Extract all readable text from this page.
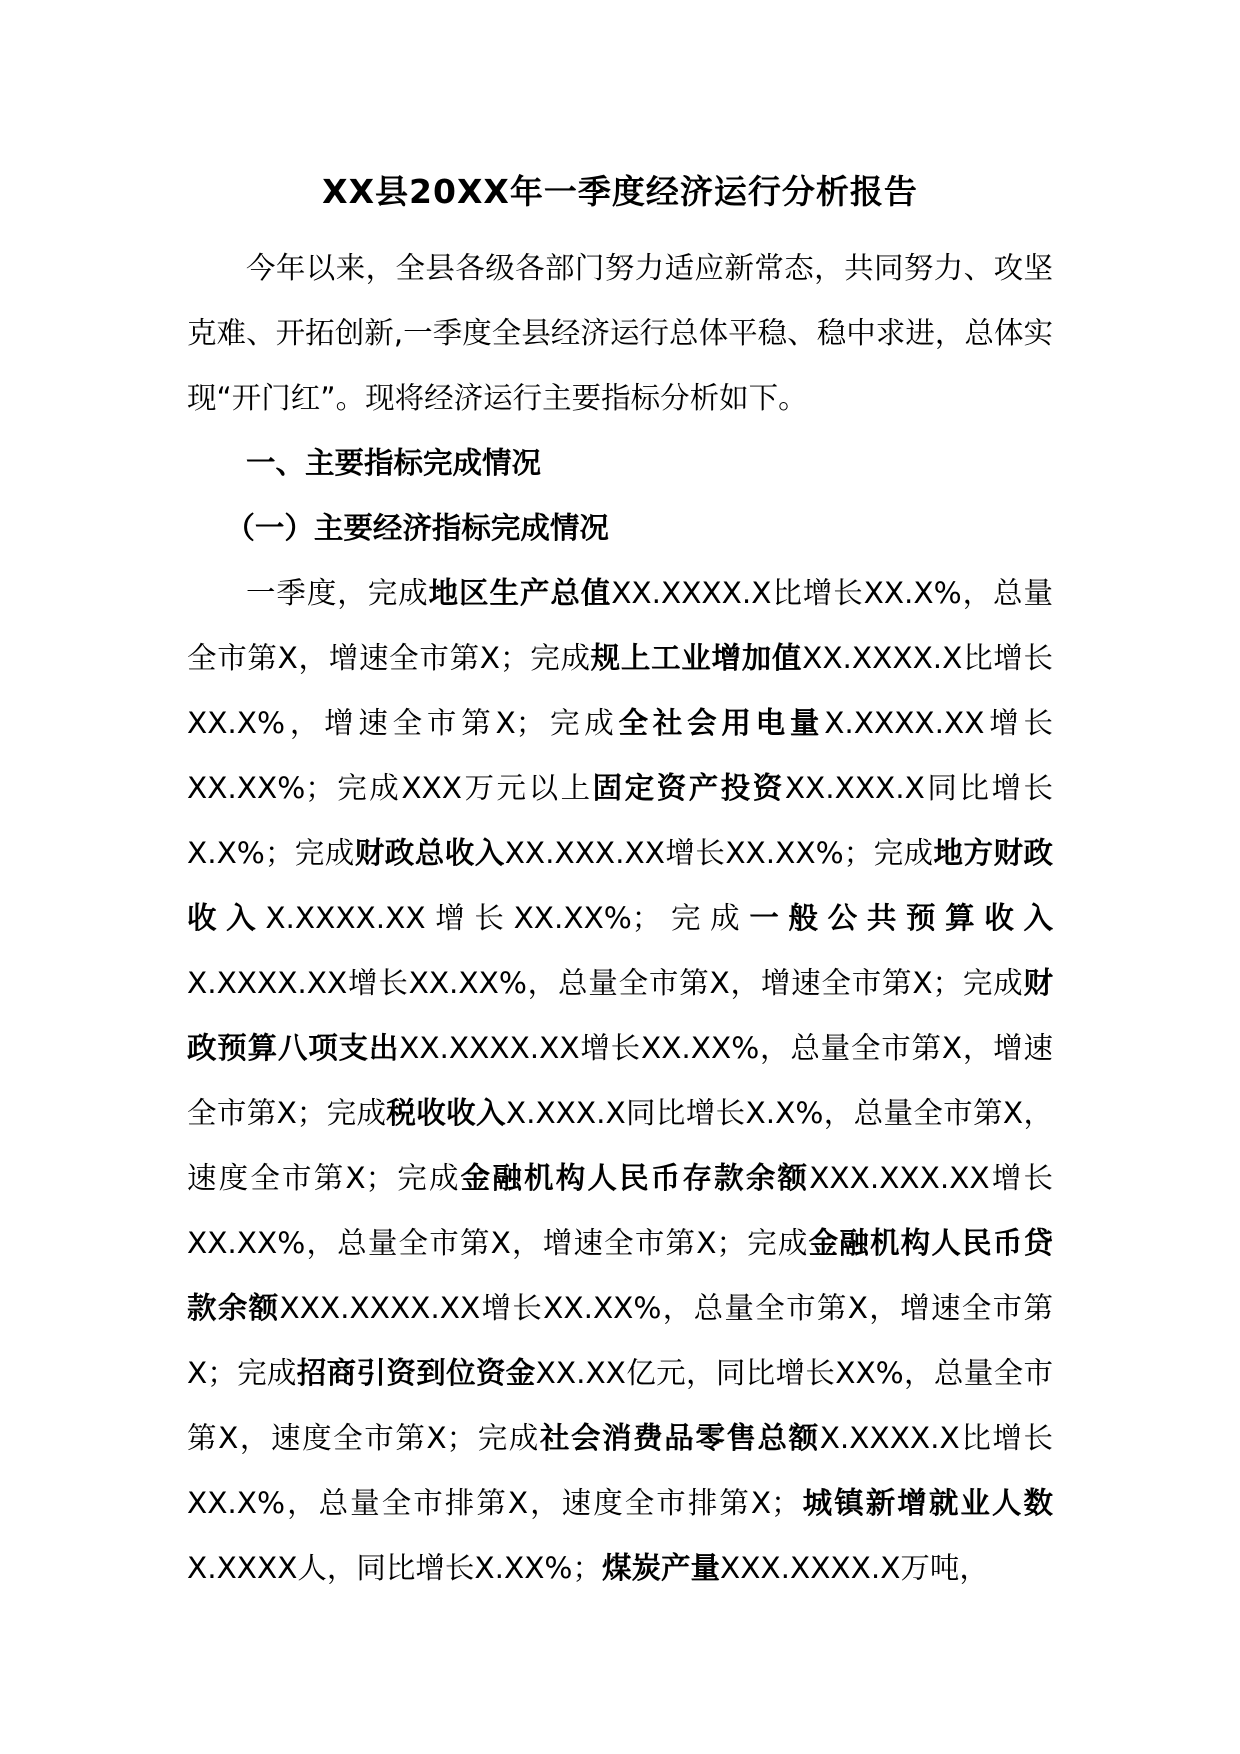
XX县20XX年一季度经济运行分析报告

今年以来，全县各级各部门努力适应新常态，共同努力、攻坚克难、开拓创新,一季度全县经济运行总体平稳、稳中求进，总体实现“开门红”。现将经济运行主要指标分析如下。

一、主要指标完成情况

（一）主要经济指标完成情况

一季度，完成地区生产总值XX.XXXX.X比增长XX.X%，总量全市第X，增速全市第X；完成规上工业增加值XX.XXXX.X比增长XX.X%，增速全市第X；完成全社会用电量X.XXXX.XX增长XX.XX%；完成XXX万元以上固定资产投资XX.XXX.X同比增长X.X%；完成财政总收入XX.XXX.XX增长XX.XX%；完成地方财政收入X.XXXX.XX增长XX.XX%；完成一般公共预算收入X.XXXX.XX增长XX.XX%，总量全市第X，增速全市第X；完成财政预算八项支出XX.XXXX.XX增长XX.XX%，总量全市第X，增速全市第X；完成税收收入X.XXX.X同比增长X.X%，总量全市第X，速度全市第X；完成金融机构人民币存款余额XXX.XXX.XX增长XX.XX%，总量全市第X，增速全市第X；完成金融机构人民币贷款余额XXX.XXXX.XX增长XX.XX%，总量全市第X，增速全市第X；完成招商引资到位资金XX.XX亿元，同比增长XX%，总量全市第X，速度全市第X；完成社会消费品零售总额X.XXXX.X比增长XX.X%，总量全市排第X，速度全市排第X；城镇新增就业人数X.XXXX人，同比增长X.XX%；煤炭产量XXX.XXXX.X万吨，
